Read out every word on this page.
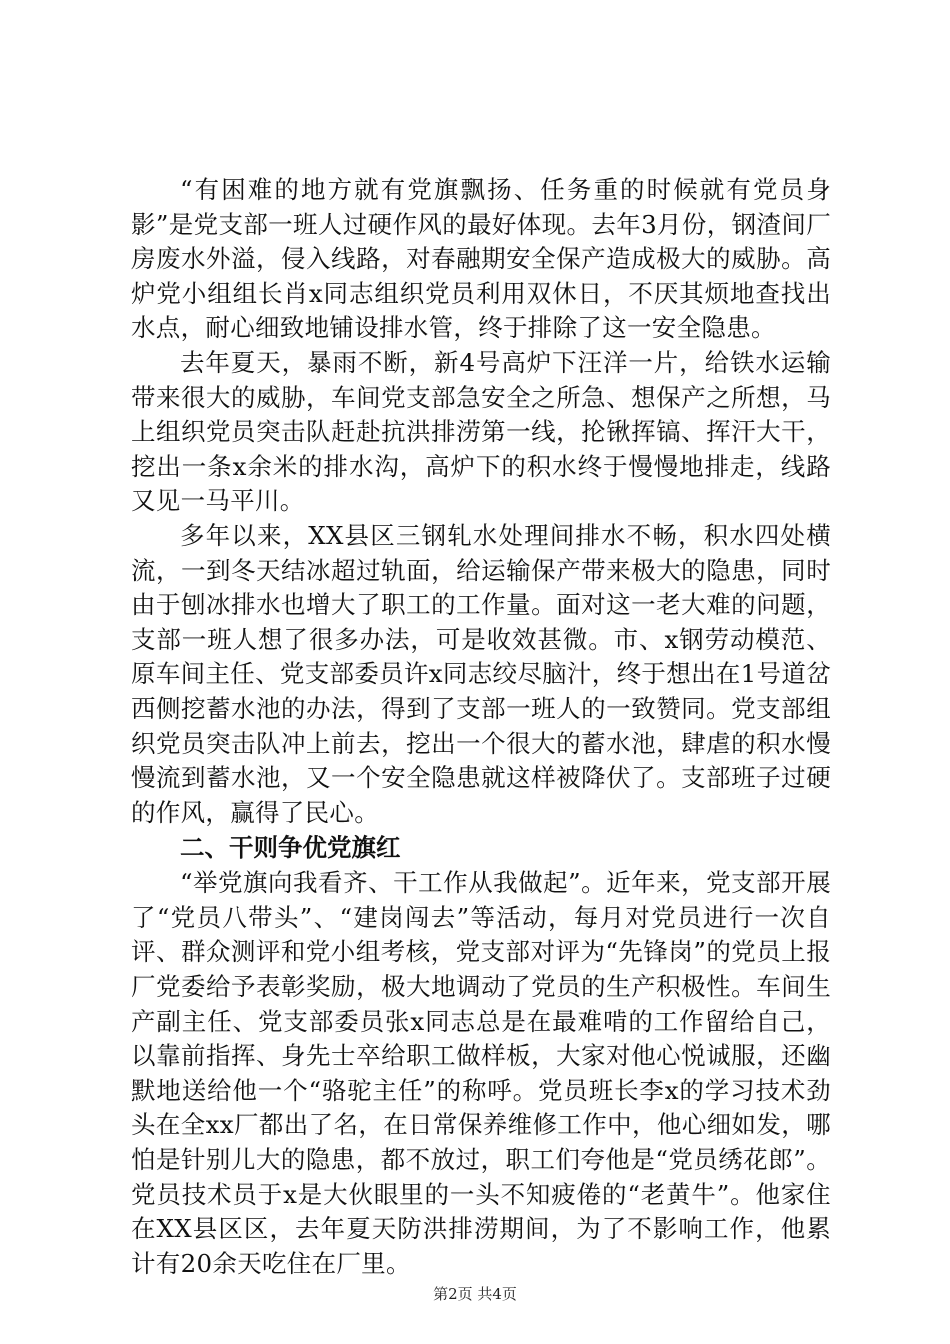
“有困难的地方就有党旗飘扬、任务重的时候就有党员身影”是党支部一班人过硬作风的最好体现。去年3月份，钢渣间厂房废水外溢，侵入线路，对春融期安全保产造成极大的威胁。高炉党小组组长肖x同志组织党员利用双休日，不厌其烦地查找出水点，耐心细致地铺设排水管，终于排除了这一安全隐患。

去年夏天，暴雨不断，新4号高炉下汪洋一片，给铁水运输带来很大的威胁，车间党支部急安全之所急、想保产之所想，马上组织党员突击队赶赴抗洪排涝第一线，抡锹挥镐、挥汗大干，挖出一条x余米的排水沟，高炉下的积水终于慢慢地排走，线路又见一马平川。

多年以来，XX县区三钢轧水处理间排水不畅，积水四处横流，一到冬天结冰超过轨面，给运输保产带来极大的隐患，同时由于刨冰排水也增大了职工的工作量。面对这一老大难的问题，支部一班人想了很多办法，可是收效甚微。市、x钢劳动模范、原车间主任、党支部委员许x同志绞尽脑汁，终于想出在1号道岔西侧挖蓄水池的办法，得到了支部一班人的一致赞同。党支部组织党员突击队冲上前去，挖出一个很大的蓄水池，肆虐的积水慢慢流到蓄水池，又一个安全隐患就这样被降伏了。支部班子过硬的作风，赢得了民心。

二、干则争优党旗红

“举党旗向我看齐、干工作从我做起”。近年来，党支部开展了“党员八带头”、“建岗闯去”等活动，每月对党员进行一次自评、群众测评和党小组考核，党支部对评为“先锋岗”的党员上报厂党委给予表彰奖励，极大地调动了党员的生产积极性。车间生产副主任、党支部委员张x同志总是在最难啃的工作留给自己，以靠前指挥、身先士卒给职工做样板，大家对他心悦诚服，还幽默地送给他一个“骆驼主任”的称呼。党员班长李x的学习技术劲头在全xx厂都出了名，在日常保养维修工作中，他心细如发，哪怕是针别儿大的隐患，都不放过，职工们夸他是“党员绣花郎”。党员技术员于x是大伙眼里的一头不知疲倦的“老黄牛”。他家住在XX县区区，去年夏天防洪排涝期间，为了不影响工作，他累计有20余天吃住在厂里。

第2页 共4页
